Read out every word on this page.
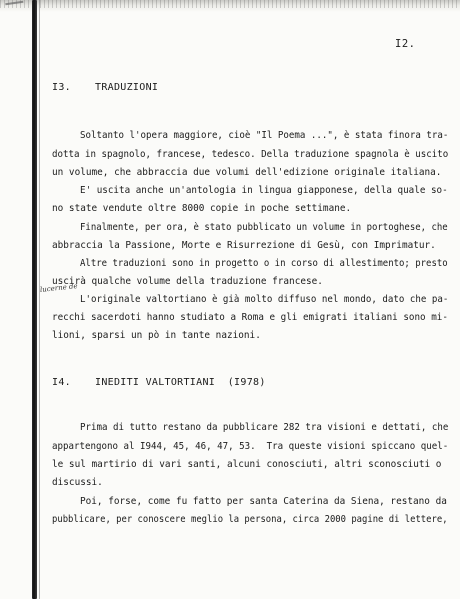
I2.
I3. TRADUZIONI
Soltanto l'opera maggiore, cioè "Il Poema ...", è stata finora tra-
dotta in spagnolo, francese, tedesco. Della traduzione spagnola è uscito
un volume, che abbraccia due volumi dell'edizione originale italiana.
E' uscita anche un'antologia in lingua giapponese, della quale so-
no state vendute oltre 8000 copie in poche settimane.
Finalmente, per ora, è stato pubblicato un volume in portoghese, che
abbraccia la Passione, Morte e Risurrezione di Gesù, con Imprimatur.
Altre traduzioni sono in progetto o in corso di allestimento; presto
uscirà qualche volume della traduzione francese.
L'originale valtortiano è già molto diffuso nel mondo, dato che pa-
recchi sacerdoti hanno studiato a Roma e gli emigrati italiani sono mi-
lioni, sparsi un pò in tante nazioni.
lucerne de
I4. INEDITI VALTORTIANI  (I978)
Prima di tutto restano da pubblicare 282 tra visioni e dettati, che
appartengono al I944, 45, 46, 47, 53.  Tra queste visioni spiccano quel-
le sul martirio di vari santi, alcuni conosciuti, altri sconosciuti o
discussi.
Poi, forse, come fu fatto per santa Caterina da Siena, restano da
pubblicare, per conoscere meglio la persona, circa 2000 pagine di lettere,
